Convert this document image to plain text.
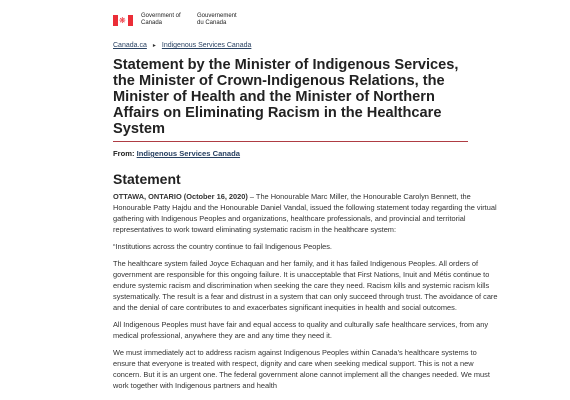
❋	Government of Canada
Gouvernement du Canada
Canada.ca ▸ Indigenous Services Canada
Statement by the Minister of Indigenous Services, the Minister of Crown-Indigenous Relations, the Minister of Health and the Minister of Northern Affairs on Eliminating Racism in the Healthcare System
From: Indigenous Services Canada
Statement

OTTAWA, ONTARIO (October 16, 2020) – The Honourable Marc Miller, the Honourable Carolyn Bennett, the Honourable Patty Hajdu and the Honourable Daniel Vandal, issued the following statement today regarding the virtual gathering with Indigenous Peoples and organizations, healthcare professionals, and provincial and territorial representatives to work toward eliminating systematic racism in the healthcare system:

“Institutions across the country continue to fail Indigenous Peoples.

The healthcare system failed Joyce Echaquan and her family, and it has failed Indigenous Peoples. All orders of government are responsible for this ongoing failure. It is unacceptable that First Nations, Inuit and Métis continue to endure systemic racism and discrimination when seeking the care they need. Racism kills and systemic racism kills systematically. The result is a fear and distrust in a system that can only succeed through trust. The avoidance of care and the denial of care contributes to and exacerbates significant inequities in health and social outcomes.

All Indigenous Peoples must have fair and equal access to quality and culturally safe healthcare services, from any medical professional, anywhere they are and any time they need it.

We must immediately act to address racism against Indigenous Peoples within Canada’s healthcare systems to ensure that everyone is treated with respect, dignity and care when seeking medical support. This is not a new concern. But it is an urgent one. The federal government alone cannot implement all the changes needed. We must work together with Indigenous partners and health
